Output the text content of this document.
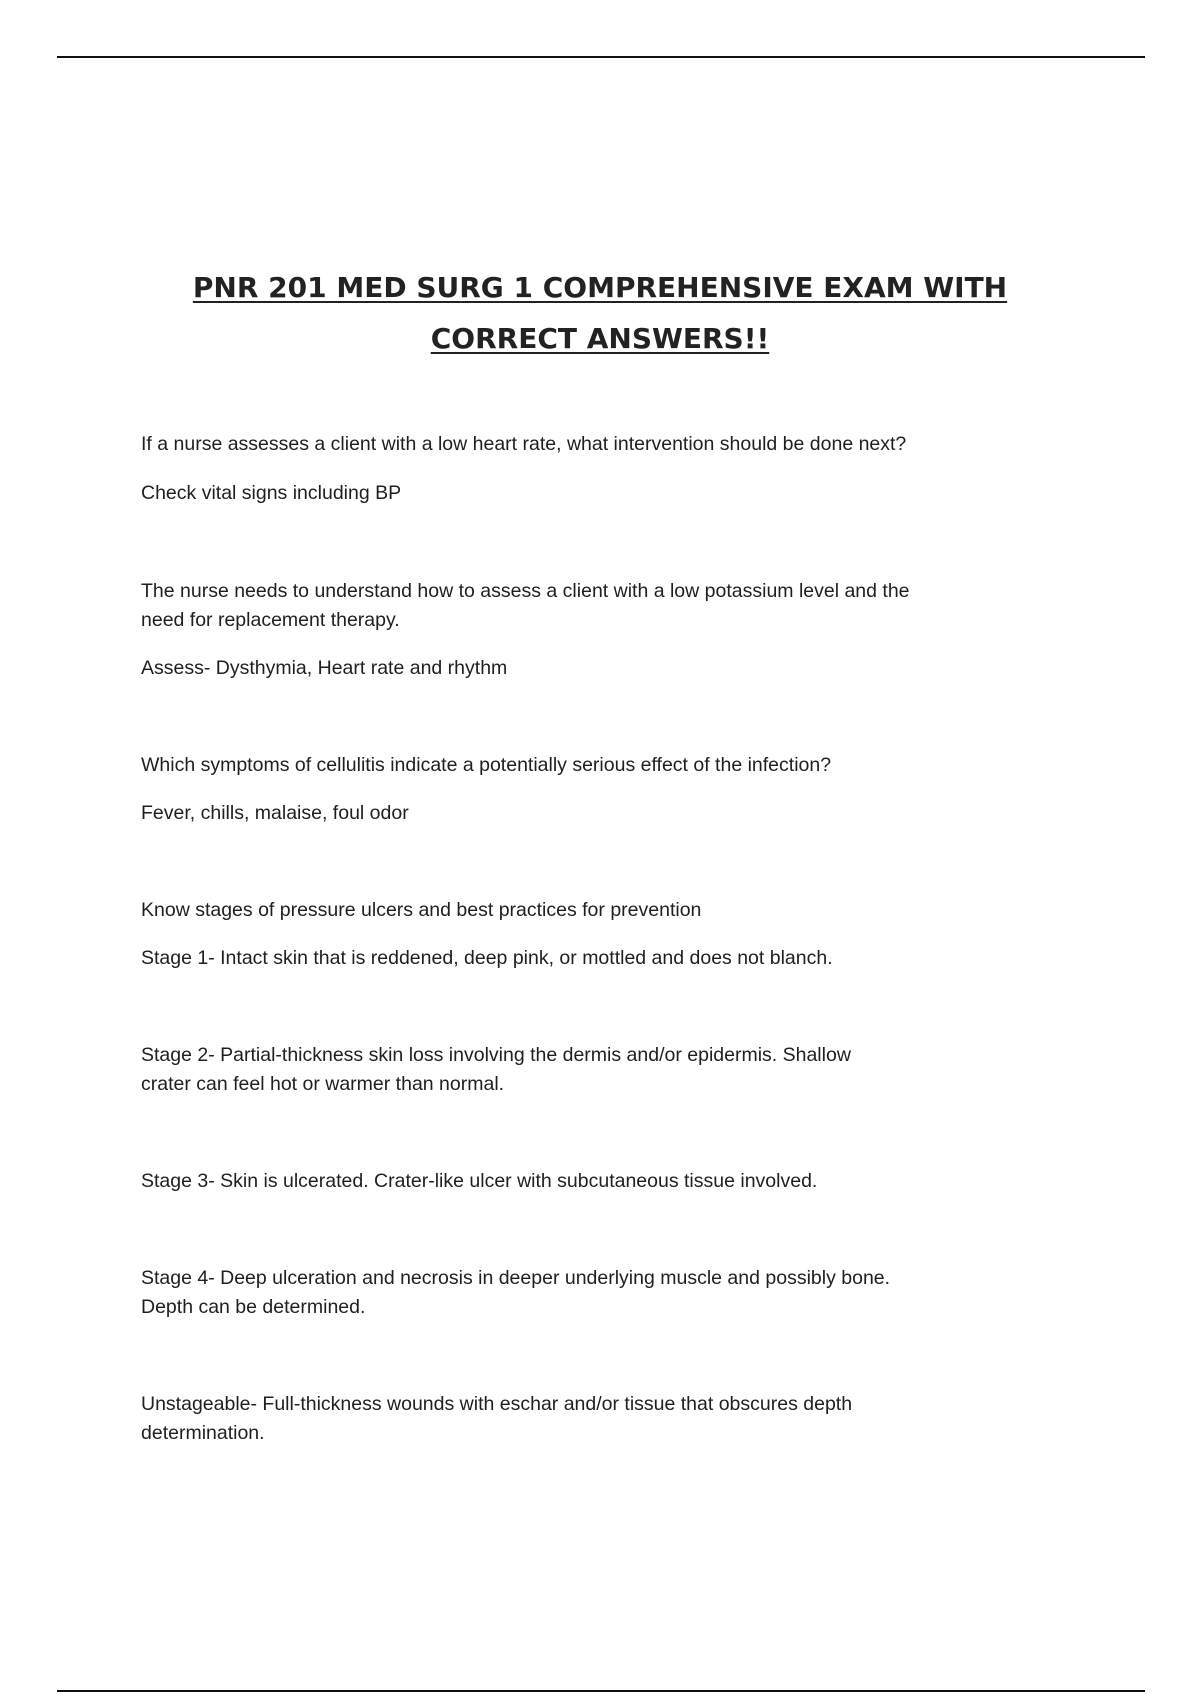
PNR 201 MED SURG 1 COMPREHENSIVE EXAM WITH
CORRECT ANSWERS!!
If a nurse assesses a client with a low heart rate, what intervention should be done next?
Check vital signs including BP
The nurse needs to understand how to assess a client with a low potassium level and the
need for replacement therapy.
Assess- Dysthymia, Heart rate and rhythm
Which symptoms of cellulitis indicate a potentially serious effect of the infection?
Fever, chills, malaise, foul odor
Know stages of pressure ulcers and best practices for prevention
Stage 1- Intact skin that is reddened, deep pink, or mottled and does not blanch.
Stage 2- Partial-thickness skin loss involving the dermis and/or epidermis. Shallow
crater can feel hot or warmer than normal.
Stage 3- Skin is ulcerated. Crater-like ulcer with subcutaneous tissue involved.
Stage 4- Deep ulceration and necrosis in deeper underlying muscle and possibly bone.
Depth can be determined.
Unstageable- Full-thickness wounds with eschar and/or tissue that obscures depth
determination.
